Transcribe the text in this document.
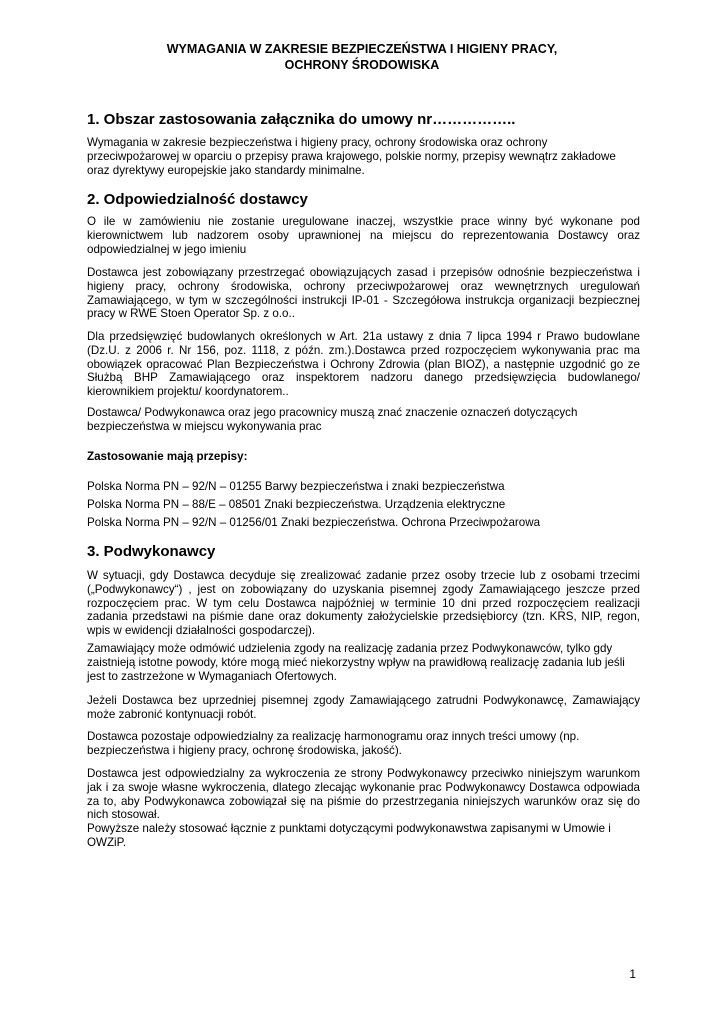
WYMAGANIA W ZAKRESIE BEZPIECZEŃSTWA I HIGIENY PRACY,
OCHRONY ŚRODOWISKA
1. Obszar zastosowania załącznika do umowy nr……………..
Wymagania w zakresie bezpieczeństwa i higieny pracy, ochrony środowiska oraz ochrony przeciwpożarowej w oparciu o przepisy prawa krajowego, polskie normy, przepisy wewnątrz zakładowe oraz dyrektywy europejskie jako standardy minimalne.
2. Odpowiedzialność dostawcy
O ile w zamówieniu nie zostanie uregulowane inaczej, wszystkie prace winny być wykonane pod kierownictwem lub nadzorem osoby uprawnionej na miejscu do reprezentowania Dostawcy oraz odpowiedzialnej w jego imieniu
Dostawca jest zobowiązany przestrzegać obowiązujących zasad i przepisów odnośnie bezpieczeństwa i higieny pracy, ochrony środowiska, ochrony przeciwpożarowej oraz wewnętrznych uregulowań Zamawiającego, w tym w szczególności instrukcji IP-01 - Szczegółowa instrukcja organizacji bezpiecznej pracy w RWE Stoen Operator Sp. z o.o..
Dla przedsięwzięć budowlanych określonych w Art. 21a ustawy z dnia 7 lipca 1994 r Prawo budowlane (Dz.U. z 2006 r. Nr 156, poz. 1118, z późn. zm.).Dostawca przed rozpoczęciem wykonywania prac ma obowiązek opracować Plan Bezpieczeństwa i Ochrony Zdrowia (plan BIOZ), a następnie uzgodnić go ze Służbą BHP Zamawiającego oraz inspektorem nadzoru danego przedsięwzięcia budowlanego/ kierownikiem projektu/ koordynatorem..
Dostawca/ Podwykonawca oraz jego pracownicy muszą znać znaczenie oznaczeń dotyczących bezpieczeństwa w miejscu wykonywania prac
Zastosowanie mają przepisy:
Polska Norma PN – 92/N – 01255 Barwy bezpieczeństwa i znaki bezpieczeństwa
Polska Norma PN – 88/E – 08501 Znaki bezpieczeństwa. Urządzenia elektryczne
Polska Norma PN – 92/N – 01256/01 Znaki bezpieczeństwa. Ochrona Przeciwpożarowa
3. Podwykonawcy
W sytuacji, gdy Dostawca decyduje się zrealizować zadanie przez osoby trzecie lub z osobami trzecimi („Podwykonawcy“) , jest on zobowiązany do uzyskania pisemnej zgody Zamawiającego jeszcze przed rozpoczęciem prac. W tym celu Dostawca najpóźniej w terminie 10 dni przed rozpoczęciem realizacji zadania przedstawi na piśmie dane oraz dokumenty założycielskie przedsiębiorcy (tzn. KRS, NIP, regon, wpis w ewidencji działalności gospodarczej).
Zamawiający może odmówić udzielenia zgody na realizację zadania przez Podwykonawców, tylko gdy zaistnieją istotne powody, które mogą mieć niekorzystny wpływ na prawidłową realizację zadania lub jeśli jest to zastrzeżone w Wymaganiach Ofertowych.
Jeżeli Dostawca bez uprzedniej pisemnej zgody Zamawiającego zatrudni Podwykonawcę, Zamawiający może zabronić kontynuacji robót.
Dostawca pozostaje odpowiedzialny za realizację harmonogramu oraz innych treści umowy (np. bezpieczeństwa i higieny pracy, ochronę środowiska, jakość).
Dostawca jest odpowiedzialny za wykroczenia ze strony Podwykonawcy przeciwko niniejszym warunkom jak i za swoje własne wykroczenia, dlatego zlecając wykonanie prac Podwykonawcy Dostawca odpowiada za to, aby Podwykonawca zobowiązał się na piśmie do przestrzegania niniejszych warunków oraz się do nich stosował.
Powyższe należy stosować łącznie z punktami dotyczącymi podwykonawstwa zapisanymi w Umowie i OWZiP.
1
